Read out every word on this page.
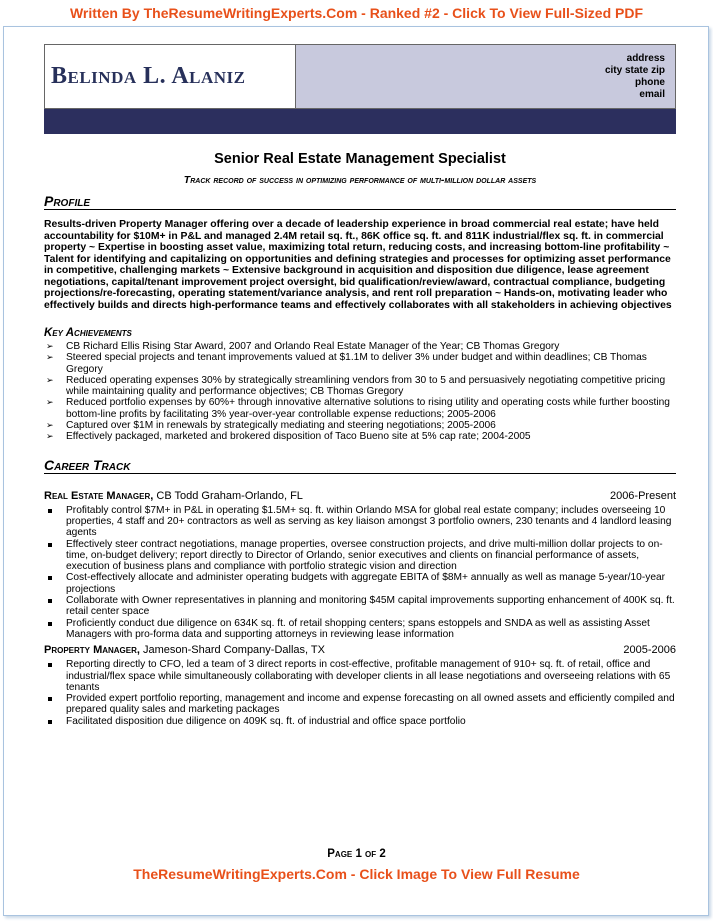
Written By TheResumeWritingExperts.Com - Ranked #2 - Click To View Full-Sized PDF
Belinda L. Alaniz
address
city state zip
phone
email
Senior Real Estate Management Specialist
Track record of success in optimizing performance of multi-million dollar assets
Profile
Results-driven Property Manager offering over a decade of leadership experience in broad commercial real estate; have held accountability for $10M+ in P&L and managed 2.4M retail sq. ft., 86K office sq. ft. and 811K industrial/flex sq. ft. in commercial property ~ Expertise in boosting asset value, maximizing total return, reducing costs, and increasing bottom-line profitability ~ Talent for identifying and capitalizing on opportunities and defining strategies and processes for optimizing asset performance in competitive, challenging markets ~ Extensive background in acquisition and disposition due diligence, lease agreement negotiations, capital/tenant improvement project oversight, bid qualification/review/award, contractual compliance, budgeting projections/re-forecasting, operating statement/variance analysis, and rent roll preparation ~ Hands-on, motivating leader who effectively builds and directs high-performance teams and effectively collaborates with all stakeholders in achieving objectives
Key Achievements
➢ CB Richard Ellis Rising Star Award, 2007 and Orlando Real Estate Manager of the Year; CB Thomas Gregory
➢ Steered special projects and tenant improvements valued at $1.1M to deliver 3% under budget and within deadlines; CB Thomas Gregory
➢ Reduced operating expenses 30% by strategically streamlining vendors from 30 to 5 and persuasively negotiating competitive pricing while maintaining quality and performance objectives; CB Thomas Gregory
➢ Reduced portfolio expenses by 60%+ through innovative alternative solutions to rising utility and operating costs while further boosting bottom-line profits by facilitating 3% year-over-year controllable expense reductions; 2005-2006
➢ Captured over $1M in renewals by strategically mediating and steering negotiations; 2005-2006
➢ Effectively packaged, marketed and brokered disposition of Taco Bueno site at 5% cap rate; 2004-2005
Career Track
Real Estate Manager, CB Todd Graham-Orlando, FL	2006-Present
Profitably control $7M+ in P&L in operating $1.5M+ sq. ft. within Orlando MSA for global real estate company; includes overseeing 10 properties, 4 staff and 20+ contractors as well as serving as key liaison amongst 3 portfolio owners, 230 tenants and 4 landlord leasing agents
Effectively steer contract negotiations, manage properties, oversee construction projects, and drive multi-million dollar projects to on-time, on-budget delivery; report directly to Director of Orlando, senior executives and clients on financial performance of assets, execution of business plans and compliance with portfolio strategic vision and direction
Cost-effectively allocate and administer operating budgets with aggregate EBITA of $8M+ annually as well as manage 5-year/10-year projections
Collaborate with Owner representatives in planning and monitoring $45M capital improvements supporting enhancement of 400K sq. ft. retail center space
Proficiently conduct due diligence on 634K sq. ft. of retail shopping centers; spans estoppels and SNDA as well as assisting Asset Managers with pro-forma data and supporting attorneys in reviewing lease information
Property Manager, Jameson-Shard Company-Dallas, TX	2005-2006
Reporting directly to CFO, led a team of 3 direct reports in cost-effective, profitable management of 910+ sq. ft. of retail, office and industrial/flex space while simultaneously collaborating with developer clients in all lease negotiations and overseeing relations with 65 tenants
Provided expert portfolio reporting, management and income and expense forecasting on all owned assets and efficiently compiled and prepared quality sales and marketing packages
Facilitated disposition due diligence on 409K sq. ft. of industrial and office space portfolio
Page 1 of 2
TheResumeWritingExperts.Com - Click Image To View Full Resume
